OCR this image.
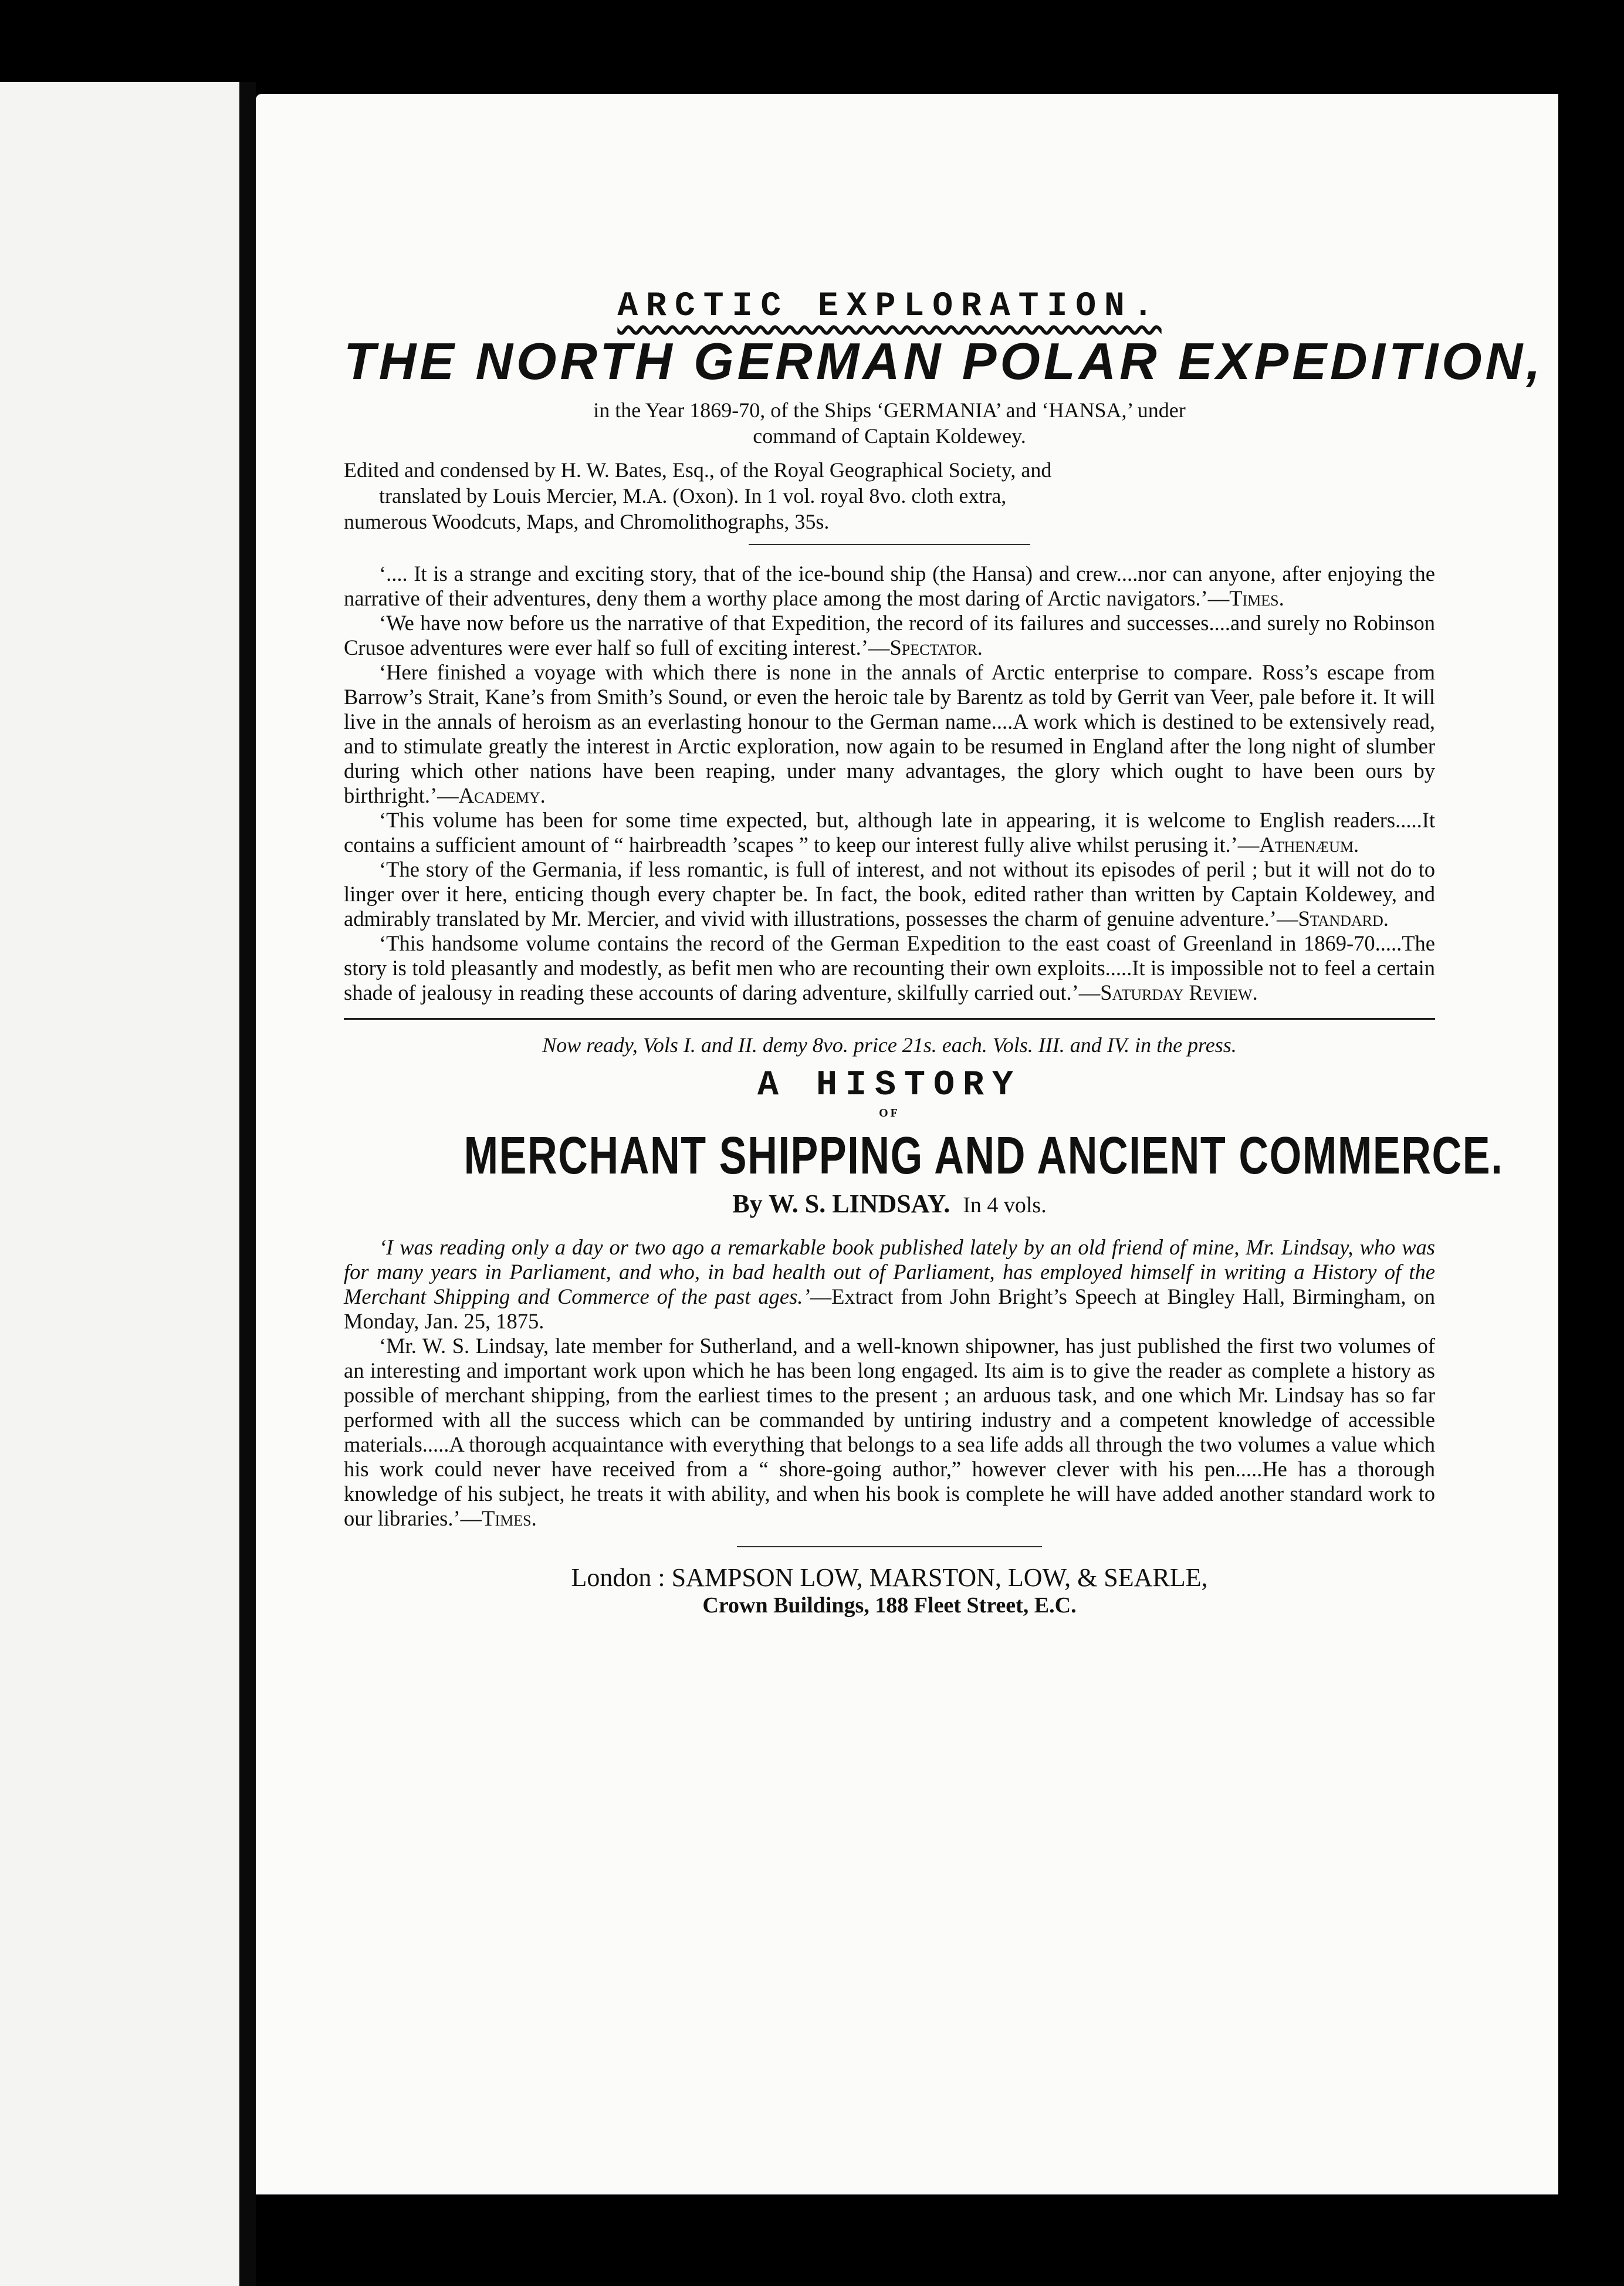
ARCTIC EXPLORATION.
THE NORTH GERMAN POLAR EXPEDITION,
in the Year 1869-70, of the Ships ‘GERMANIA’ and ‘HANSA,’ under
command of Captain Koldewey.
Edited and condensed by H. W. Bates, Esq., of the Royal Geographical Society, and
translated by Louis Mercier, M.A. (Oxon). In 1 vol. royal 8vo. cloth extra,
numerous Woodcuts, Maps, and Chromolithographs, 35s.

‘.... It is a strange and exciting story, that of the ice-bound ship (the Hansa) and crew....nor can anyone, after enjoying the narrative of their adventures, deny them a worthy place among the most daring of Arctic navigators.’—Times.

‘We have now before us the narrative of that Expedition, the record of its failures and successes....and surely no Robinson Crusoe adventures were ever half so full of exciting interest.’—Spectator.

‘Here finished a voyage with which there is none in the annals of Arctic enterprise to compare. Ross’s escape from Barrow’s Strait, Kane’s from Smith’s Sound, or even the heroic tale by Barentz as told by Gerrit van Veer, pale before it. It will live in the annals of heroism as an everlasting honour to the German name....A work which is destined to be extensively read, and to stimulate greatly the interest in Arctic exploration, now again to be resumed in England after the long night of slumber during which other nations have been reaping, under many advantages, the glory which ought to have been ours by birthright.’—Academy.

‘This volume has been for some time expected, but, although late in appearing, it is welcome to English readers.....It contains a sufficient amount of “ hairbreadth ’scapes ” to keep our interest fully alive whilst perusing it.’—Athenæum.

‘The story of the Germania, if less romantic, is full of interest, and not without its episodes of peril ; but it will not do to linger over it here, enticing though every chapter be. In fact, the book, edited rather than written by Captain Koldewey, and admirably translated by Mr. Mercier, and vivid with illustrations, possesses the charm of genuine adventure.’—Standard.

‘This handsome volume contains the record of the German Expedition to the east coast of Greenland in 1869-70.....The story is told pleasantly and modestly, as befit men who are recounting their own exploits.....It is impossible not to feel a certain shade of jealousy in reading these accounts of daring adventure, skilfully carried out.’—Saturday Review.

Now ready, Vols I. and II. demy 8vo. price 21s. each. Vols. III. and IV. in the press.
A HISTORY
OF
MERCHANT SHIPPING AND ANCIENT COMMERCE.
By W. S. LINDSAY. In 4 vols.

‘I was reading only a day or two ago a remarkable book published lately by an old friend of mine, Mr. Lindsay, who was for many years in Parliament, and who, in bad health out of Parliament, has employed himself in writing a History of the Merchant Shipping and Commerce of the past ages.’—Extract from John Bright’s Speech at Bingley Hall, Birmingham, on Monday, Jan. 25, 1875.

‘Mr. W. S. Lindsay, late member for Sutherland, and a well-known shipowner, has just published the first two volumes of an interesting and important work upon which he has been long engaged. Its aim is to give the reader as complete a history as possible of merchant shipping, from the earliest times to the present ; an arduous task, and one which Mr. Lindsay has so far performed with all the success which can be commanded by untiring industry and a competent knowledge of accessible materials.....A thorough acquaintance with everything that belongs to a sea life adds all through the two volumes a value which his work could never have received from a “ shore-going author,” however clever with his pen.....He has a thorough knowledge of his subject, he treats it with ability, and when his book is complete he will have added another standard work to our libraries.’—Times.

London : SAMPSON LOW, MARSTON, LOW, & SEARLE,
Crown Buildings, 188 Fleet Street, E.C.
